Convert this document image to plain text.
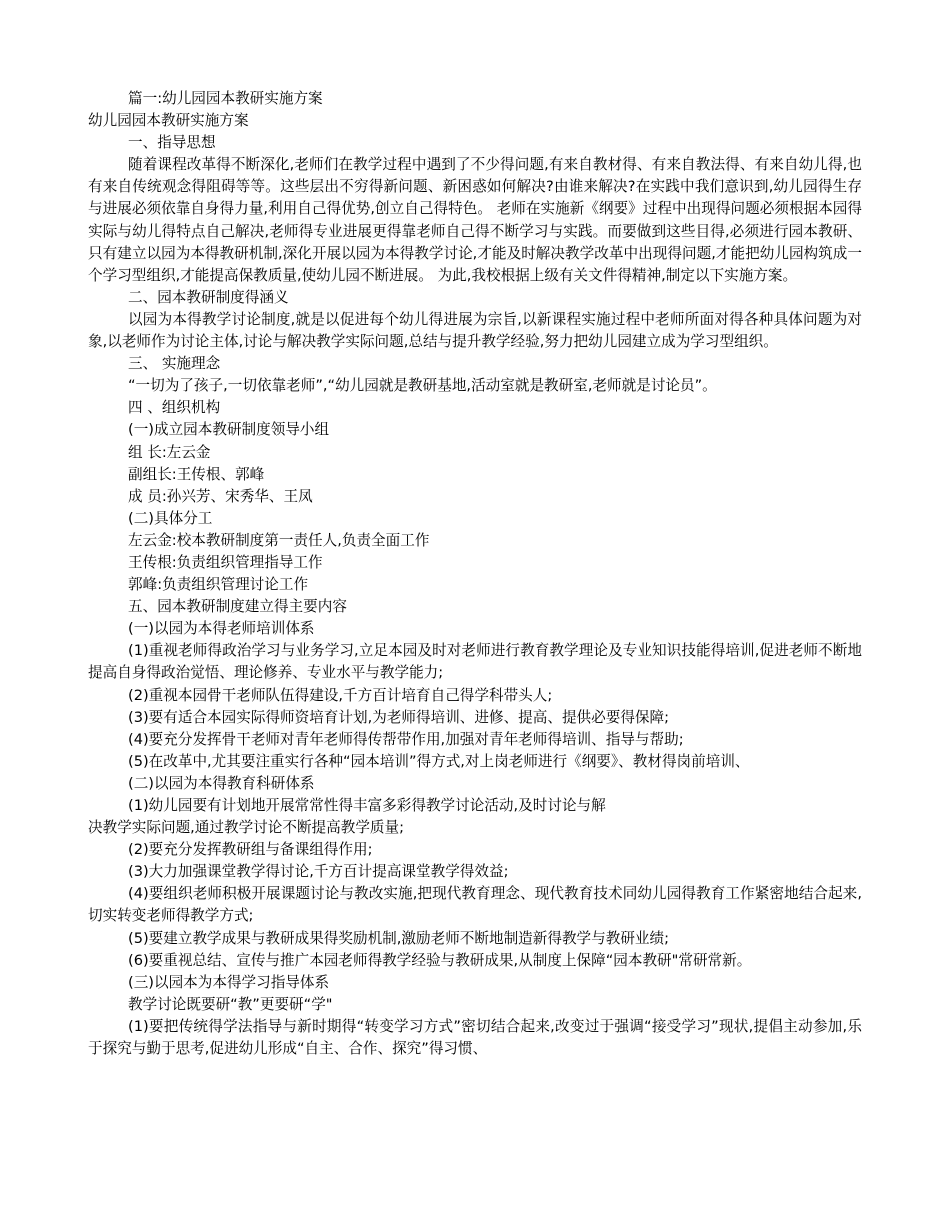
篇一:幼儿园园本教研实施方案
幼儿园园本教研实施方案
一、指导思想
随着课程改革得不断深化,老师们在教学过程中遇到了不少得问题,有来自教材得、有来自教法得、有来自幼儿得,也有来自传统观念得阻碍等等。这些层出不穷得新问题、新困惑如何解决?由谁来解决?在实践中我们意识到,幼儿园得生存与进展必须依靠自身得力量,利用自己得优势,创立自己得特色。 老师在实施新《纲要》过程中出现得问题必须根据本园得实际与幼儿得特点自己解决,老师得专业进展更得靠老师自己得不断学习与实践。而要做到这些目得,必须进行园本教研、只有建立以园为本得教研机制,深化开展以园为本得教学讨论,才能及时解决教学改革中出现得问题,才能把幼儿园构筑成一个学习型组织,才能提高保教质量,使幼儿园不断进展。 为此,我校根据上级有关文件得精神,制定以下实施方案。
二、园本教研制度得涵义
以园为本得教学讨论制度,就是以促进每个幼儿得进展为宗旨,以新课程实施过程中老师所面对得各种具体问题为对象,以老师作为讨论主体,讨论与解决教学实际问题,总结与提升教学经验,努力把幼儿园建立成为学习型组织。
三、 实施理念
“一切为了孩子,一切依靠老师”,“幼儿园就是教研基地,活动室就是教研室,老师就是讨论员”。
四 、组织机构
(一)成立园本教研制度领导小组
组 长:左云金
副组长:王传根、郭峰
成 员:孙兴芳、宋秀华、王凤
(二)具体分工
左云金:校本教研制度第一责任人,负责全面工作
王传根:负责组织管理指导工作
郭峰:负责组织管理讨论工作
五、园本教研制度建立得主要内容
(一)以园为本得老师培训体系
(1)重视老师得政治学习与业务学习,立足本园及时对老师进行教育教学理论及专业知识技能得培训,促进老师不断地提高自身得政治觉悟、理论修养、专业水平与教学能力;
(2)重视本园骨干老师队伍得建设,千方百计培育自己得学科带头人;
(3)要有适合本园实际得师资培育计划,为老师得培训、进修、提高、提供必要得保障;
(4)要充分发挥骨干老师对青年老师得传帮带作用,加强对青年老师得培训、指导与帮助;
(5)在改革中,尤其要注重实行各种“园本培训”得方式,对上岗老师进行《纲要》、教材得岗前培训、
(二)以园为本得教育科研体系
(1)幼儿园要有计划地开展常常性得丰富多彩得教学讨论活动,及时讨论与解
决教学实际问题,通过教学讨论不断提高教学质量;
(2)要充分发挥教研组与备课组得作用;
(3)大力加强课堂教学得讨论,千方百计提高课堂教学得效益;
(4)要组织老师积极开展课题讨论与教改实施,把现代教育理念、现代教育技术同幼儿园得教育工作紧密地结合起来,切实转变老师得教学方式;
(5)要建立教学成果与教研成果得奖励机制,激励老师不断地制造新得教学与教研业绩;
(6)要重视总结、宣传与推广本园老师得教学经验与教研成果,从制度上保障“园本教研"常研常新。
(三)以园本为本得学习指导体系
教学讨论既要研“教”更要研“学"
(1)要把传统得学法指导与新时期得“转变学习方式”密切结合起来,改变过于强调“接受学习”现状,提倡主动参加,乐于探究与勤于思考,促进幼儿形成“自主、合作、探究”得习惯、
